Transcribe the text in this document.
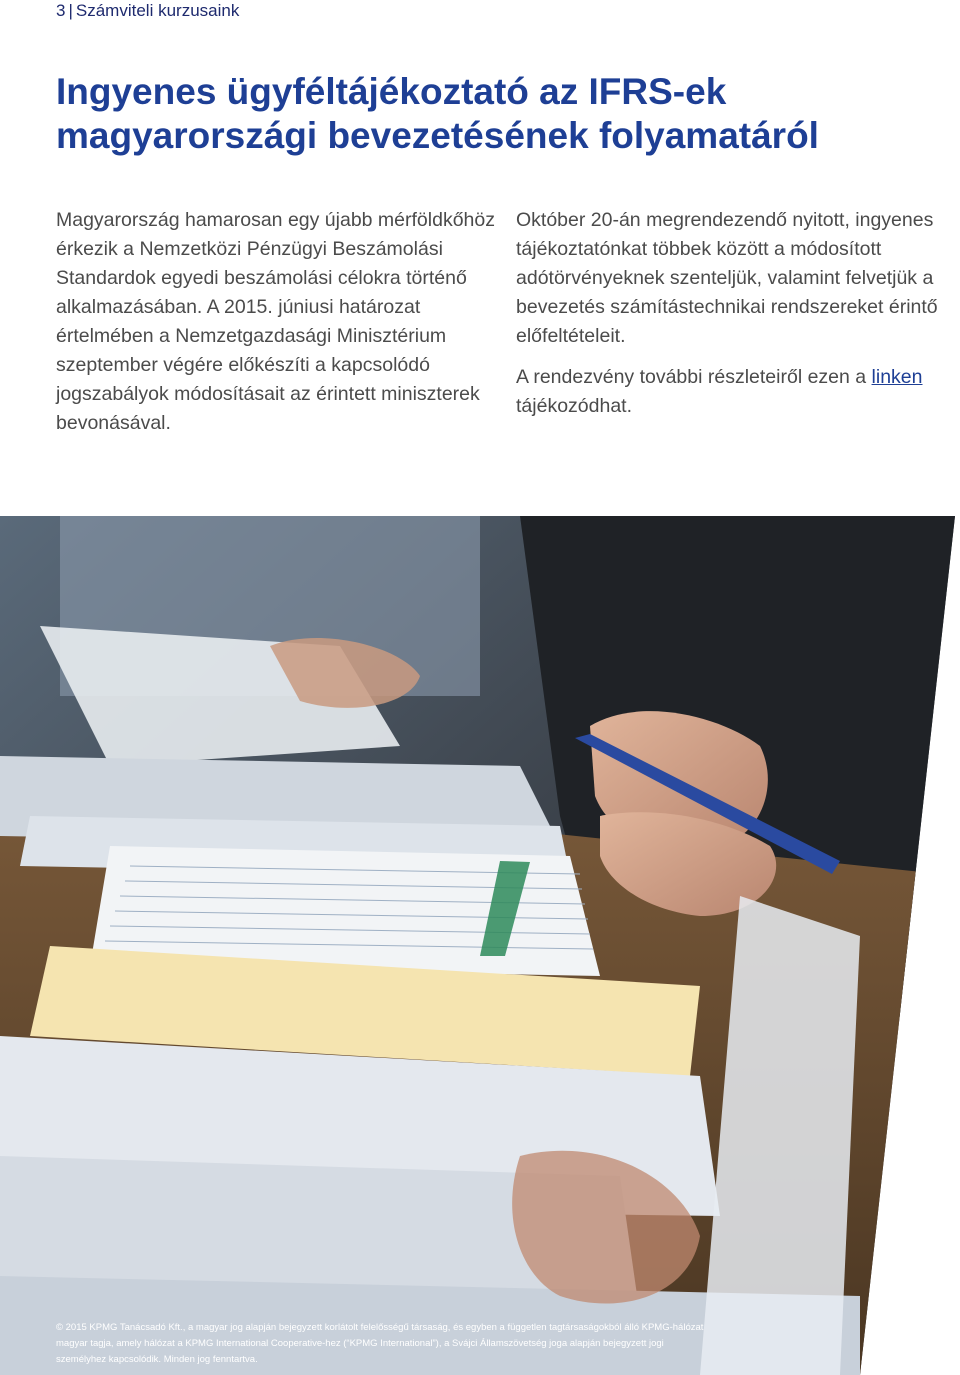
3 | Számviteli kurzusaink
Ingyenes ügyféltájékoztató az IFRS-ek magyarországi bevezetésének folyamatáról

Magyarország hamarosan egy újabb mérföldkőhöz érkezik a Nemzetközi Pénzügyi Beszámolási Standardok egyedi beszámolási célokra történő alkalmazásában. A 2015. júniusi határozat értelmében a Nemzetgazdasági Minisztérium szeptember végére előkészíti a kapcsolódó jogszabályok módosításait az érintett miniszterek bevonásával.

Október 20-án megrendezendő nyitott, ingyenes tájékoztatónkat többek között a módosított adótörvényeknek szenteljük, valamint felvetjük a bevezetés számítástechnikai rendszereket érintő előfeltételeit.

A rendezvény további részleteiről ezen a linken tájékozódhat.

© 2015 KPMG Tanácsadó Kft., a magyar jog alapján bejegyzett korlátolt felelősségű társaság, és egyben a független tagtársaságokból álló KPMG-hálózat magyar tagja, amely hálózat a KPMG International Cooperative-hez (“KPMG International”), a Svájci Államszövetség joga alapján bejegyzett jogi személyhez kapcsolódik. Minden jog fenntartva.
